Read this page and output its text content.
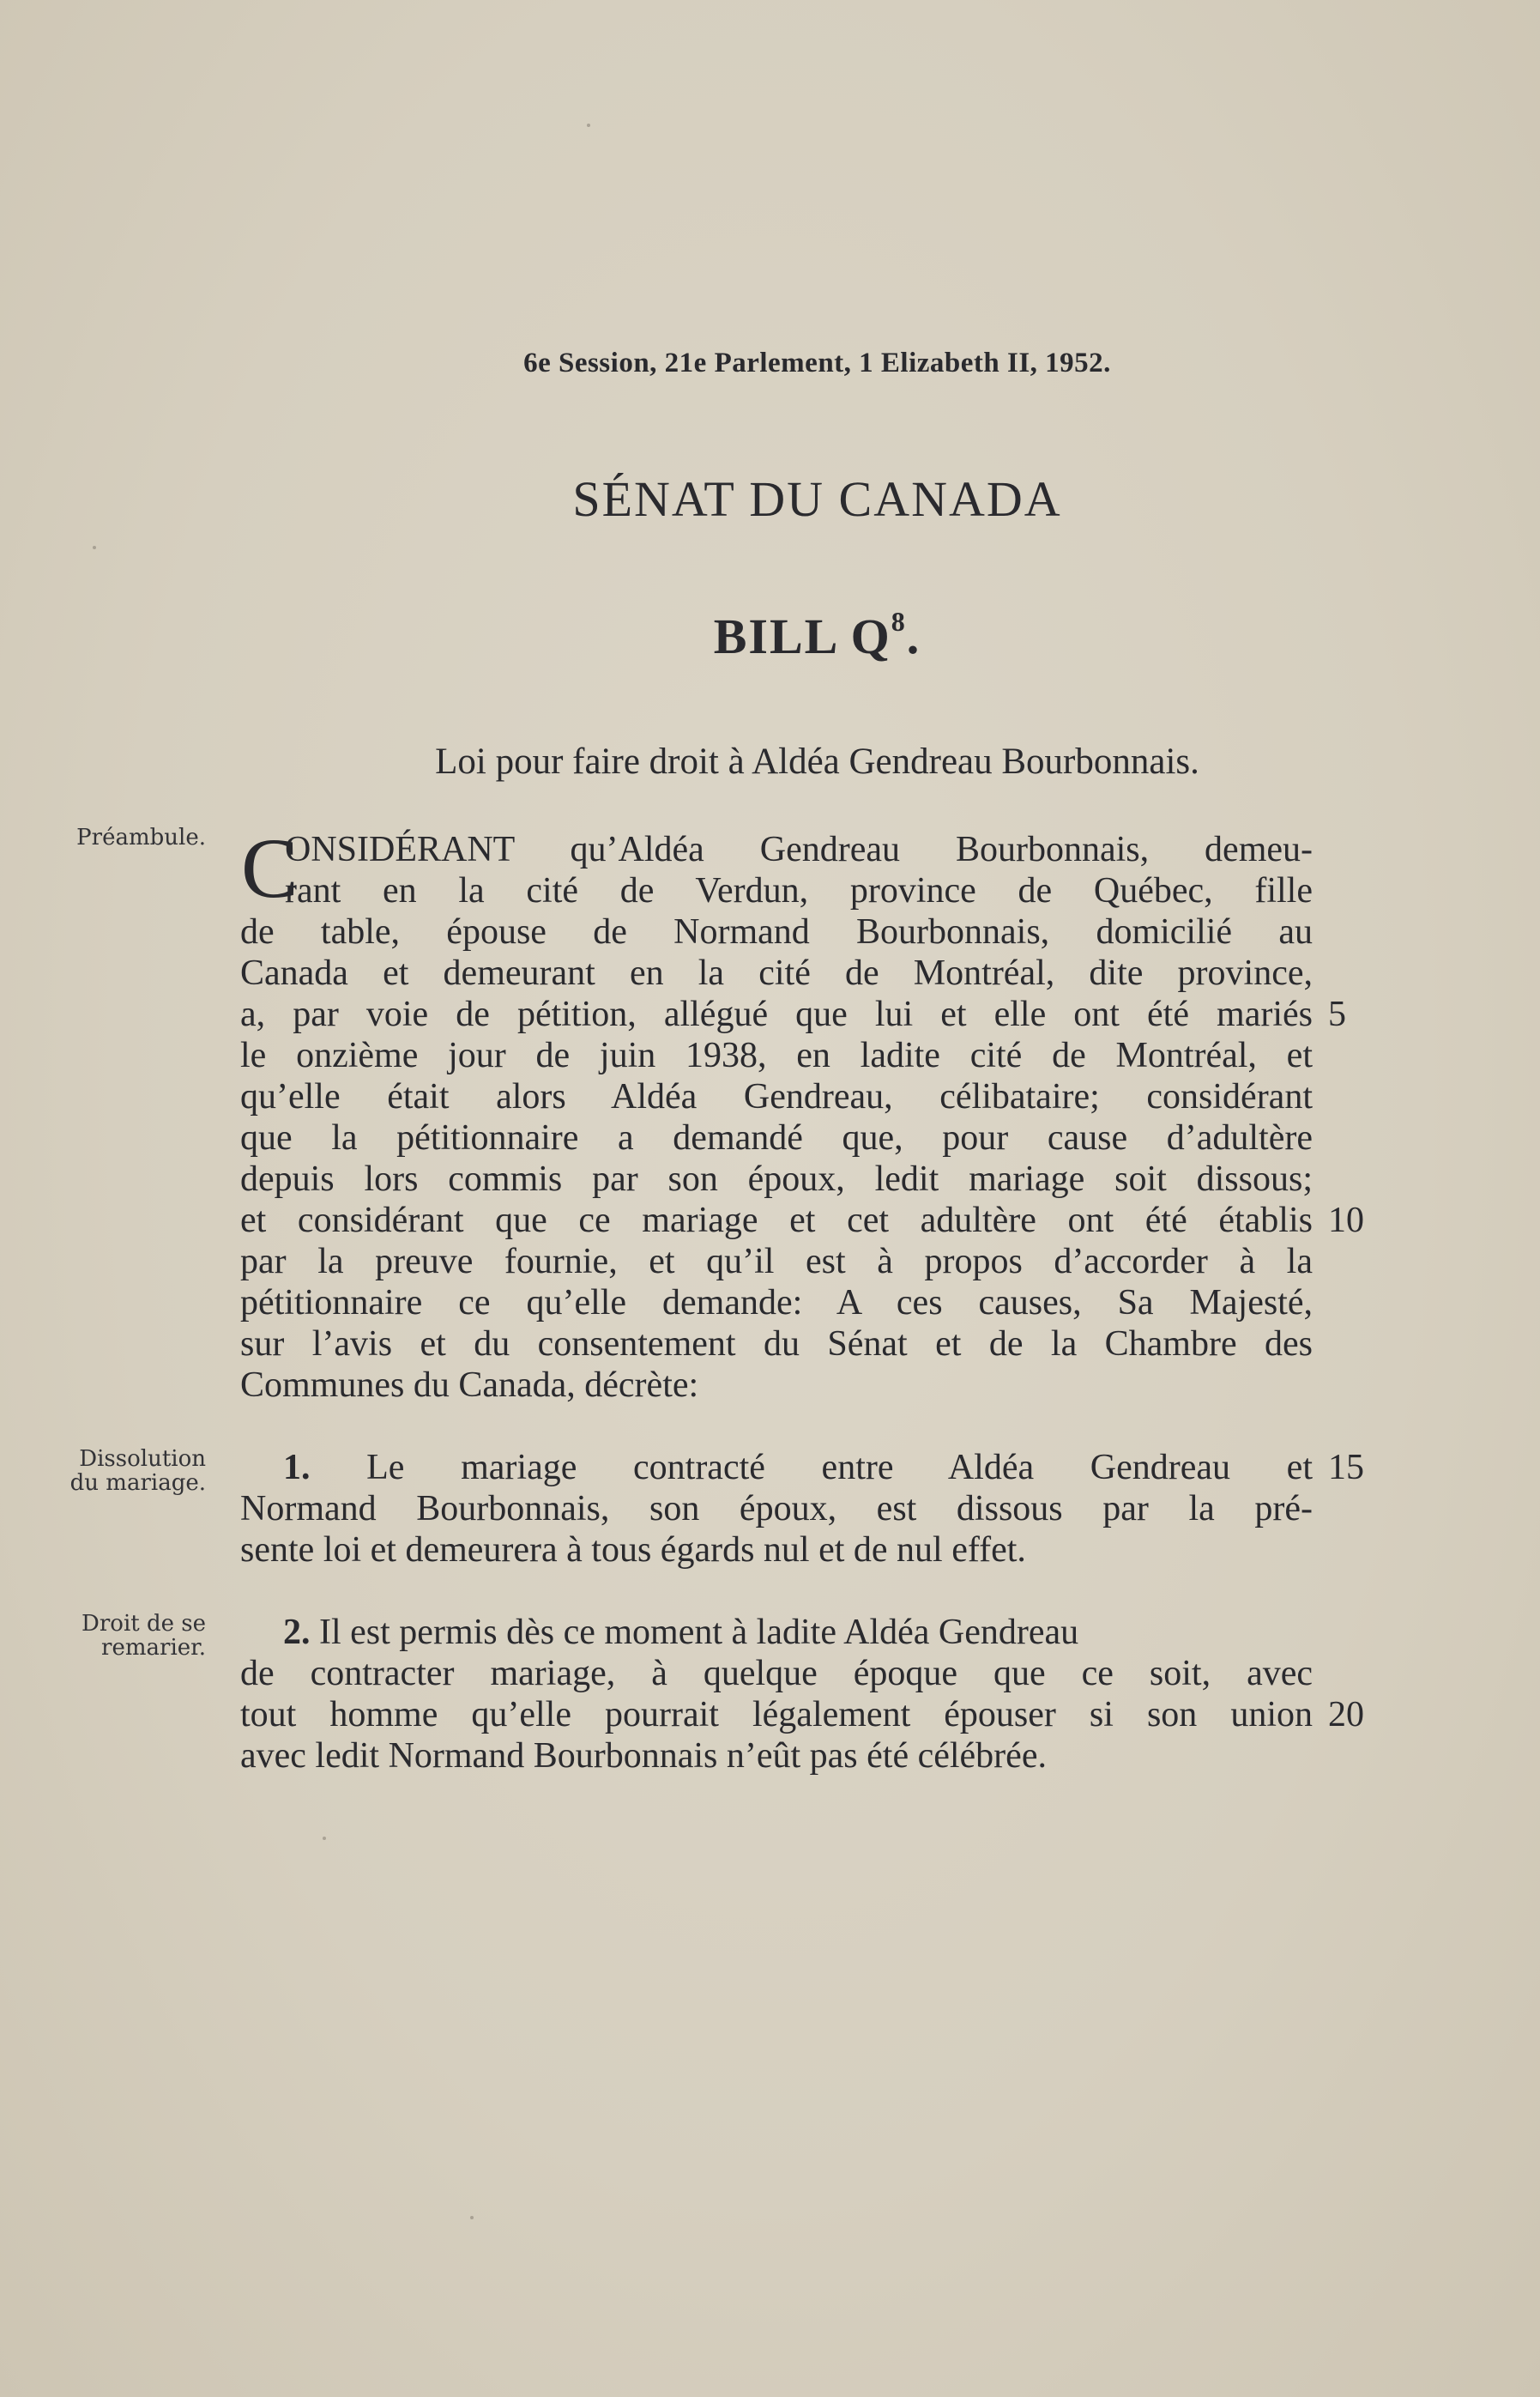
6e Session, 21e Parlement, 1 Elizabeth II, 1952.
SÉNAT DU CANADA
BILL $Q^8$.
Loi pour faire droit à Aldéa Gendreau Bourbonnais.
Préambule.
Dissolution
du mariage.
Droit de se
remarier.
C
ONSIDÉRANT qu’Aldéa Gendreau Bourbonnais, demeu-
rant en la cité de Verdun, province de Québec, fille
de table, épouse de Normand Bourbonnais, domicilié au
Canada et demeurant en la cité de Montréal, dite province,
a, par voie de pétition, allégué que lui et elle ont été mariés
le onzième jour de juin 1938, en ladite cité de Montréal, et
qu’elle était alors Aldéa Gendreau, célibataire; considérant
que la pétitionnaire a demandé que, pour cause d’adultère
depuis lors commis par son époux, ledit mariage soit dissous;
et considérant que ce mariage et cet adultère ont été établis
par la preuve fournie, et qu’il est à propos d’accorder à la
pétitionnaire ce qu’elle demande: A ces causes, Sa Majesté,
sur l’avis et du consentement du Sénat et de la Chambre des
Communes du Canada, décrète:
1. Le mariage contracté entre Aldéa Gendreau et
Normand Bourbonnais, son époux, est dissous par la pré-
sente loi et demeurera à tous égards nul et de nul effet.
2. Il est permis dès ce moment à ladite Aldéa Gendreau
de contracter mariage, à quelque époque que ce soit, avec
tout homme qu’elle pourrait légalement épouser si son union
avec ledit Normand Bourbonnais n’eût pas été célébrée.
5
10
15
20
